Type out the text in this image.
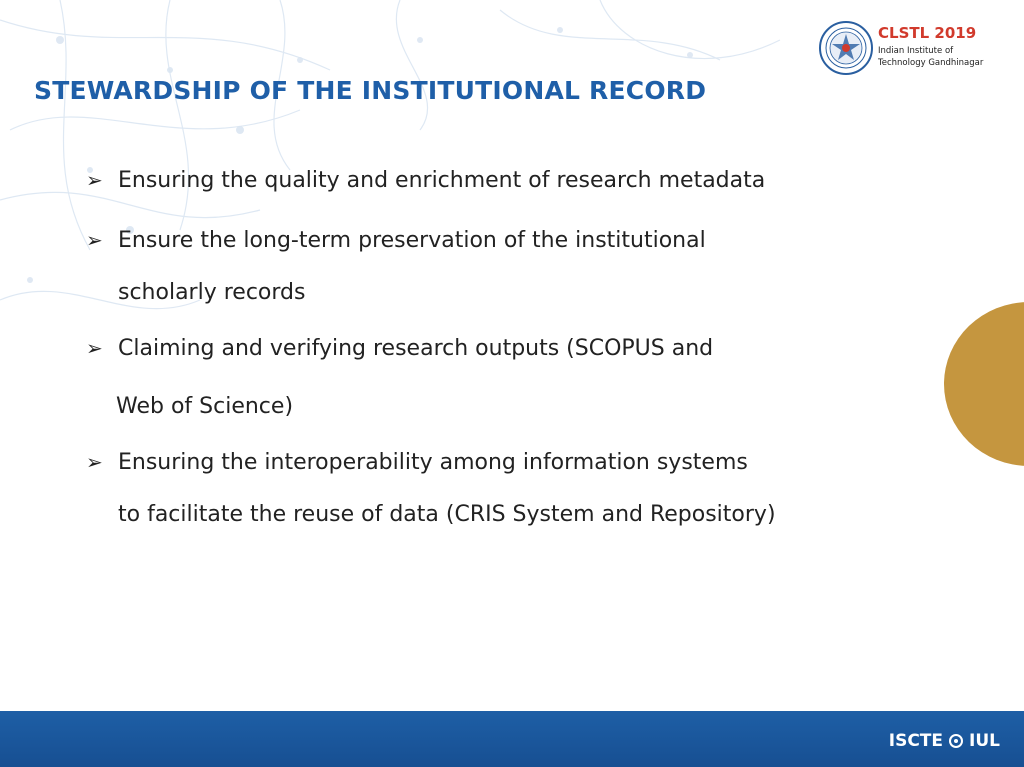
CLSTL 2019
Indian Institute of
Technology Gandhinagar
STEWARDSHIP OF THE INSTITUTIONAL RECORD
➢ Ensuring the quality and enrichment of research metadata
➢ Ensure the long-term preservation of the institutional
scholarly records
➢ Claiming and verifying research outputs (SCOPUS and
Web of Science)
➢ Ensuring the interoperability among information systems
to facilitate the reuse of data (CRIS System and Repository)
ISCTE IUL
